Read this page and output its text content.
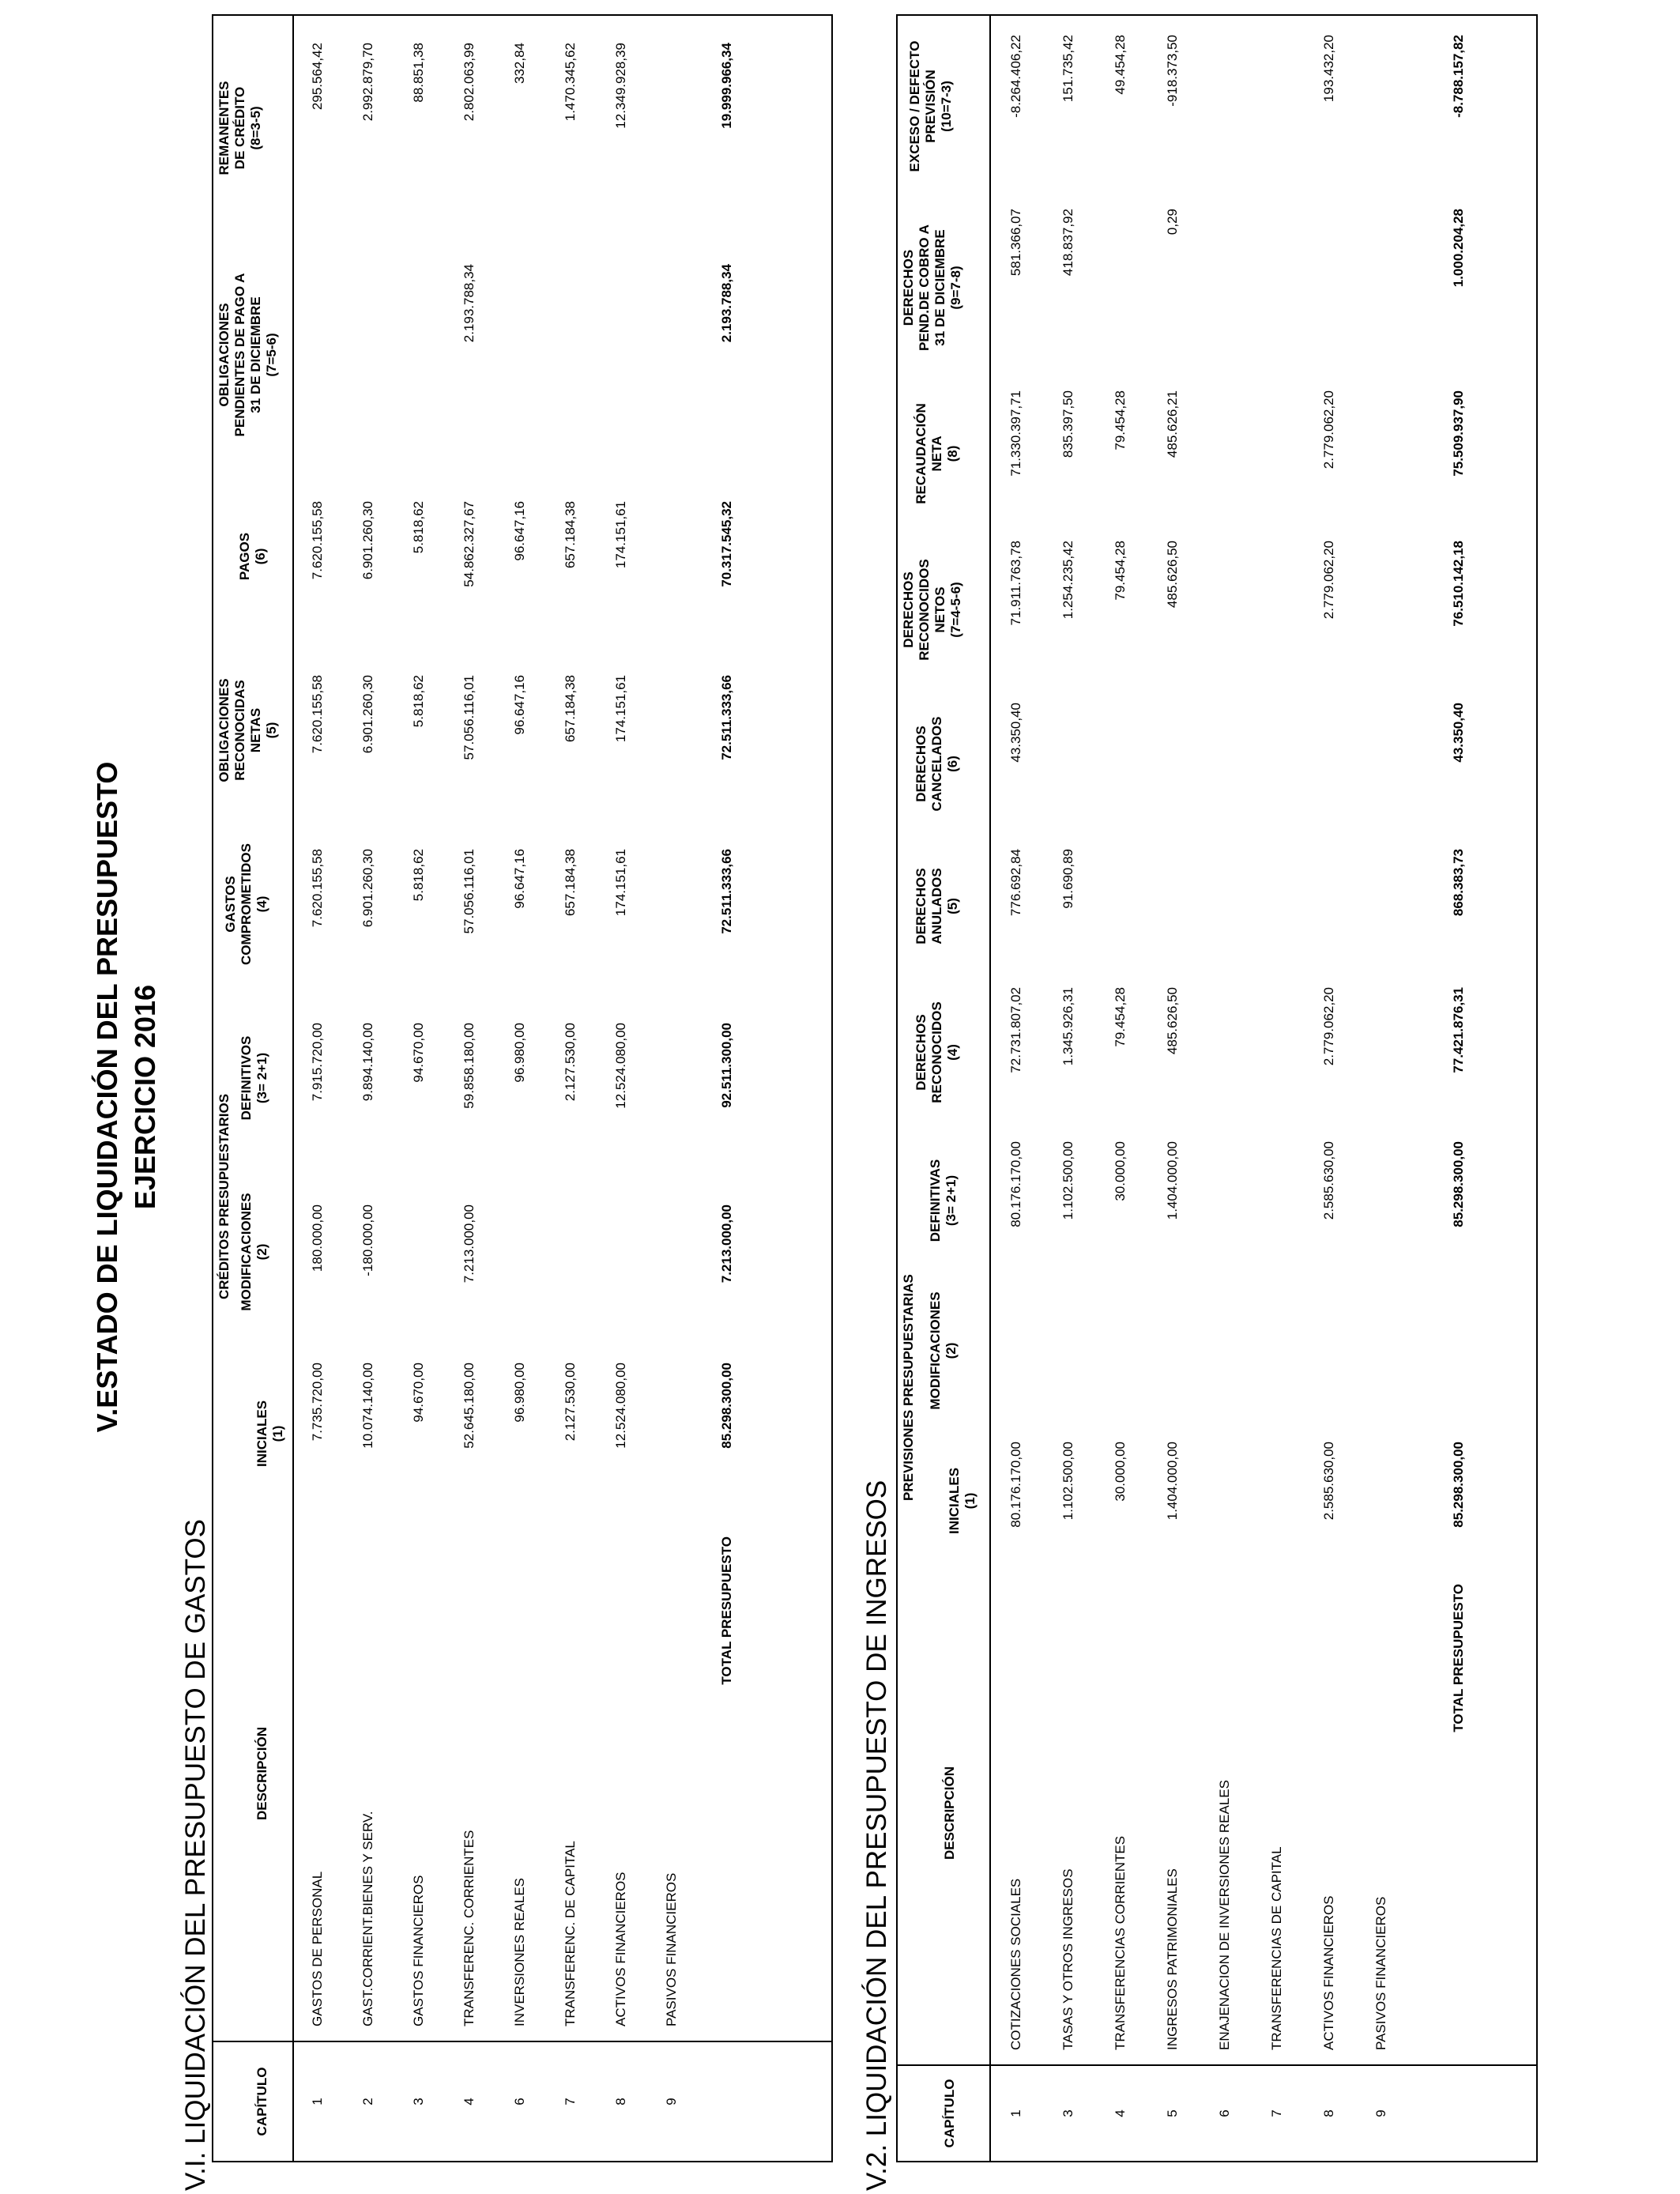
V.ESTADO DE LIQUIDACIÓN DEL PRESUPUESTO EJERCICIO 2016
V.I. LIQUIDACIÓN DEL PRESUPUESTO DE GASTOS	CAPÍTULO
DESCRIPCIÓN
CRÉDITOS PRESUPUESTARIOS
INICIALES (1)
MODIFICACIONES (2)
DEFINITIVOS (3= 2+1)
GASTOS COMPROMETIDOS (4)
OBLIGACIONES RECONOCIDAS NETAS (5)
PAGOS (6)
OBLIGACIONES PENDIENTES DE PAGO A 31 DE DICIEMBRE (7=5-6)
REMANENTES DE CRÉDITO (8=3-5)
1
GASTOS DE PERSONAL
7.735.720,00
180.000,00
7.915.720,00
7.620.155,58
7.620.155,58
7.620.155,58
295.564,42
2
GAST.CORRIENT.BIENES Y SERV.
10.074.140,00
-180.000,00
9.894.140,00
6.901.260,30
6.901.260,30
6.901.260,30
2.992.879,70
3
GASTOS FINANCIEROS
94.670,00
94.670,00
5.818,62
5.818,62
5.818,62
88.851,38
4
TRANSFERENC. CORRIENTES
52.645.180,00
7.213.000,00
59.858.180,00
57.056.116,01
57.056.116,01
54.862.327,67
2.193.788,34
2.802.063,99
6
INVERSIONES REALES
96.980,00
96.980,00
96.647,16
96.647,16
96.647,16
332,84
7
TRANSFERENC. DE CAPITAL
2.127.530,00
2.127.530,00
657.184,38
657.184,38
657.184,38
1.470.345,62
8
ACTIVOS FINANCIEROS
12.524.080,00
12.524.080,00
174.151,61
174.151,61
174.151,61
12.349.928,39
9
PASIVOS FINANCIEROS
TOTAL PRESUPUESTO
85.298.300,00
7.213.000,00
92.511.300,00
72.511.333,66
72.511.333,66
70.317.545,32
2.193.788,34
19.999.966,34
V.2. LIQUIDACIÓN DEL PRESUPUESTO DE INGRESOS	CAPÍTULO
DESCRIPCIÓN
PREVISIONES PRESUPUESTARIAS INICIALES (1)
MODIFICACIONES (2)
DEFINITIVAS (3= 2+1)
DERECHOS RECONOCIDOS (4)
DERECHOS ANULADOS (5)
DERECHOS CANCELADOS (6)
DERECHOS RECONOCIDOS NETOS (7=4-5-6)
RECAUDACIÓN NETA (8)
DERECHOS PEND.DE COBRO A 31 DE DICIEMBRE (9=7-8)
EXCESO / DEFECTO PREVISIÓN (10=7-3)
1
COTIZACIONES SOCIALES
80.176.170,00
80.176.170,00
72.731.807,02
776.692,84
43.350,40
71.911.763,78
71.330.397,71
581.366,07
-8.264.406,22
3
TASAS Y OTROS INGRESOS
1.102.500,00
1.102.500,00
1.345.926,31
91.690,89
1.254.235,42
835.397,50
418.837,92
151.735,42
4
TRANSFERENCIAS CORRIENTES
30.000,00
30.000,00
79.454,28
79.454,28
79.454,28
49.454,28
5
INGRESOS PATRIMONIALES
1.404.000,00
1.404.000,00
485.626,50
485.626,50
485.626,21
0,29
-918.373,50
6
ENAJENACION DE INVERSIONES REALES
7
TRANSFERENCIAS DE CAPITAL
8
ACTIVOS FINANCIEROS
2.585.630,00
2.585.630,00
2.779.062,20
2.779.062,20
2.779.062,20
193.432,20
9
PASIVOS FINANCIEROS
TOTAL PRESUPUESTO
85.298.300,00
85.298.300,00
77.421.876,31
868.383,73
43.350,40
76.510.142,18
75.509.937,90
1.000.204,28
-8.788.157,82
